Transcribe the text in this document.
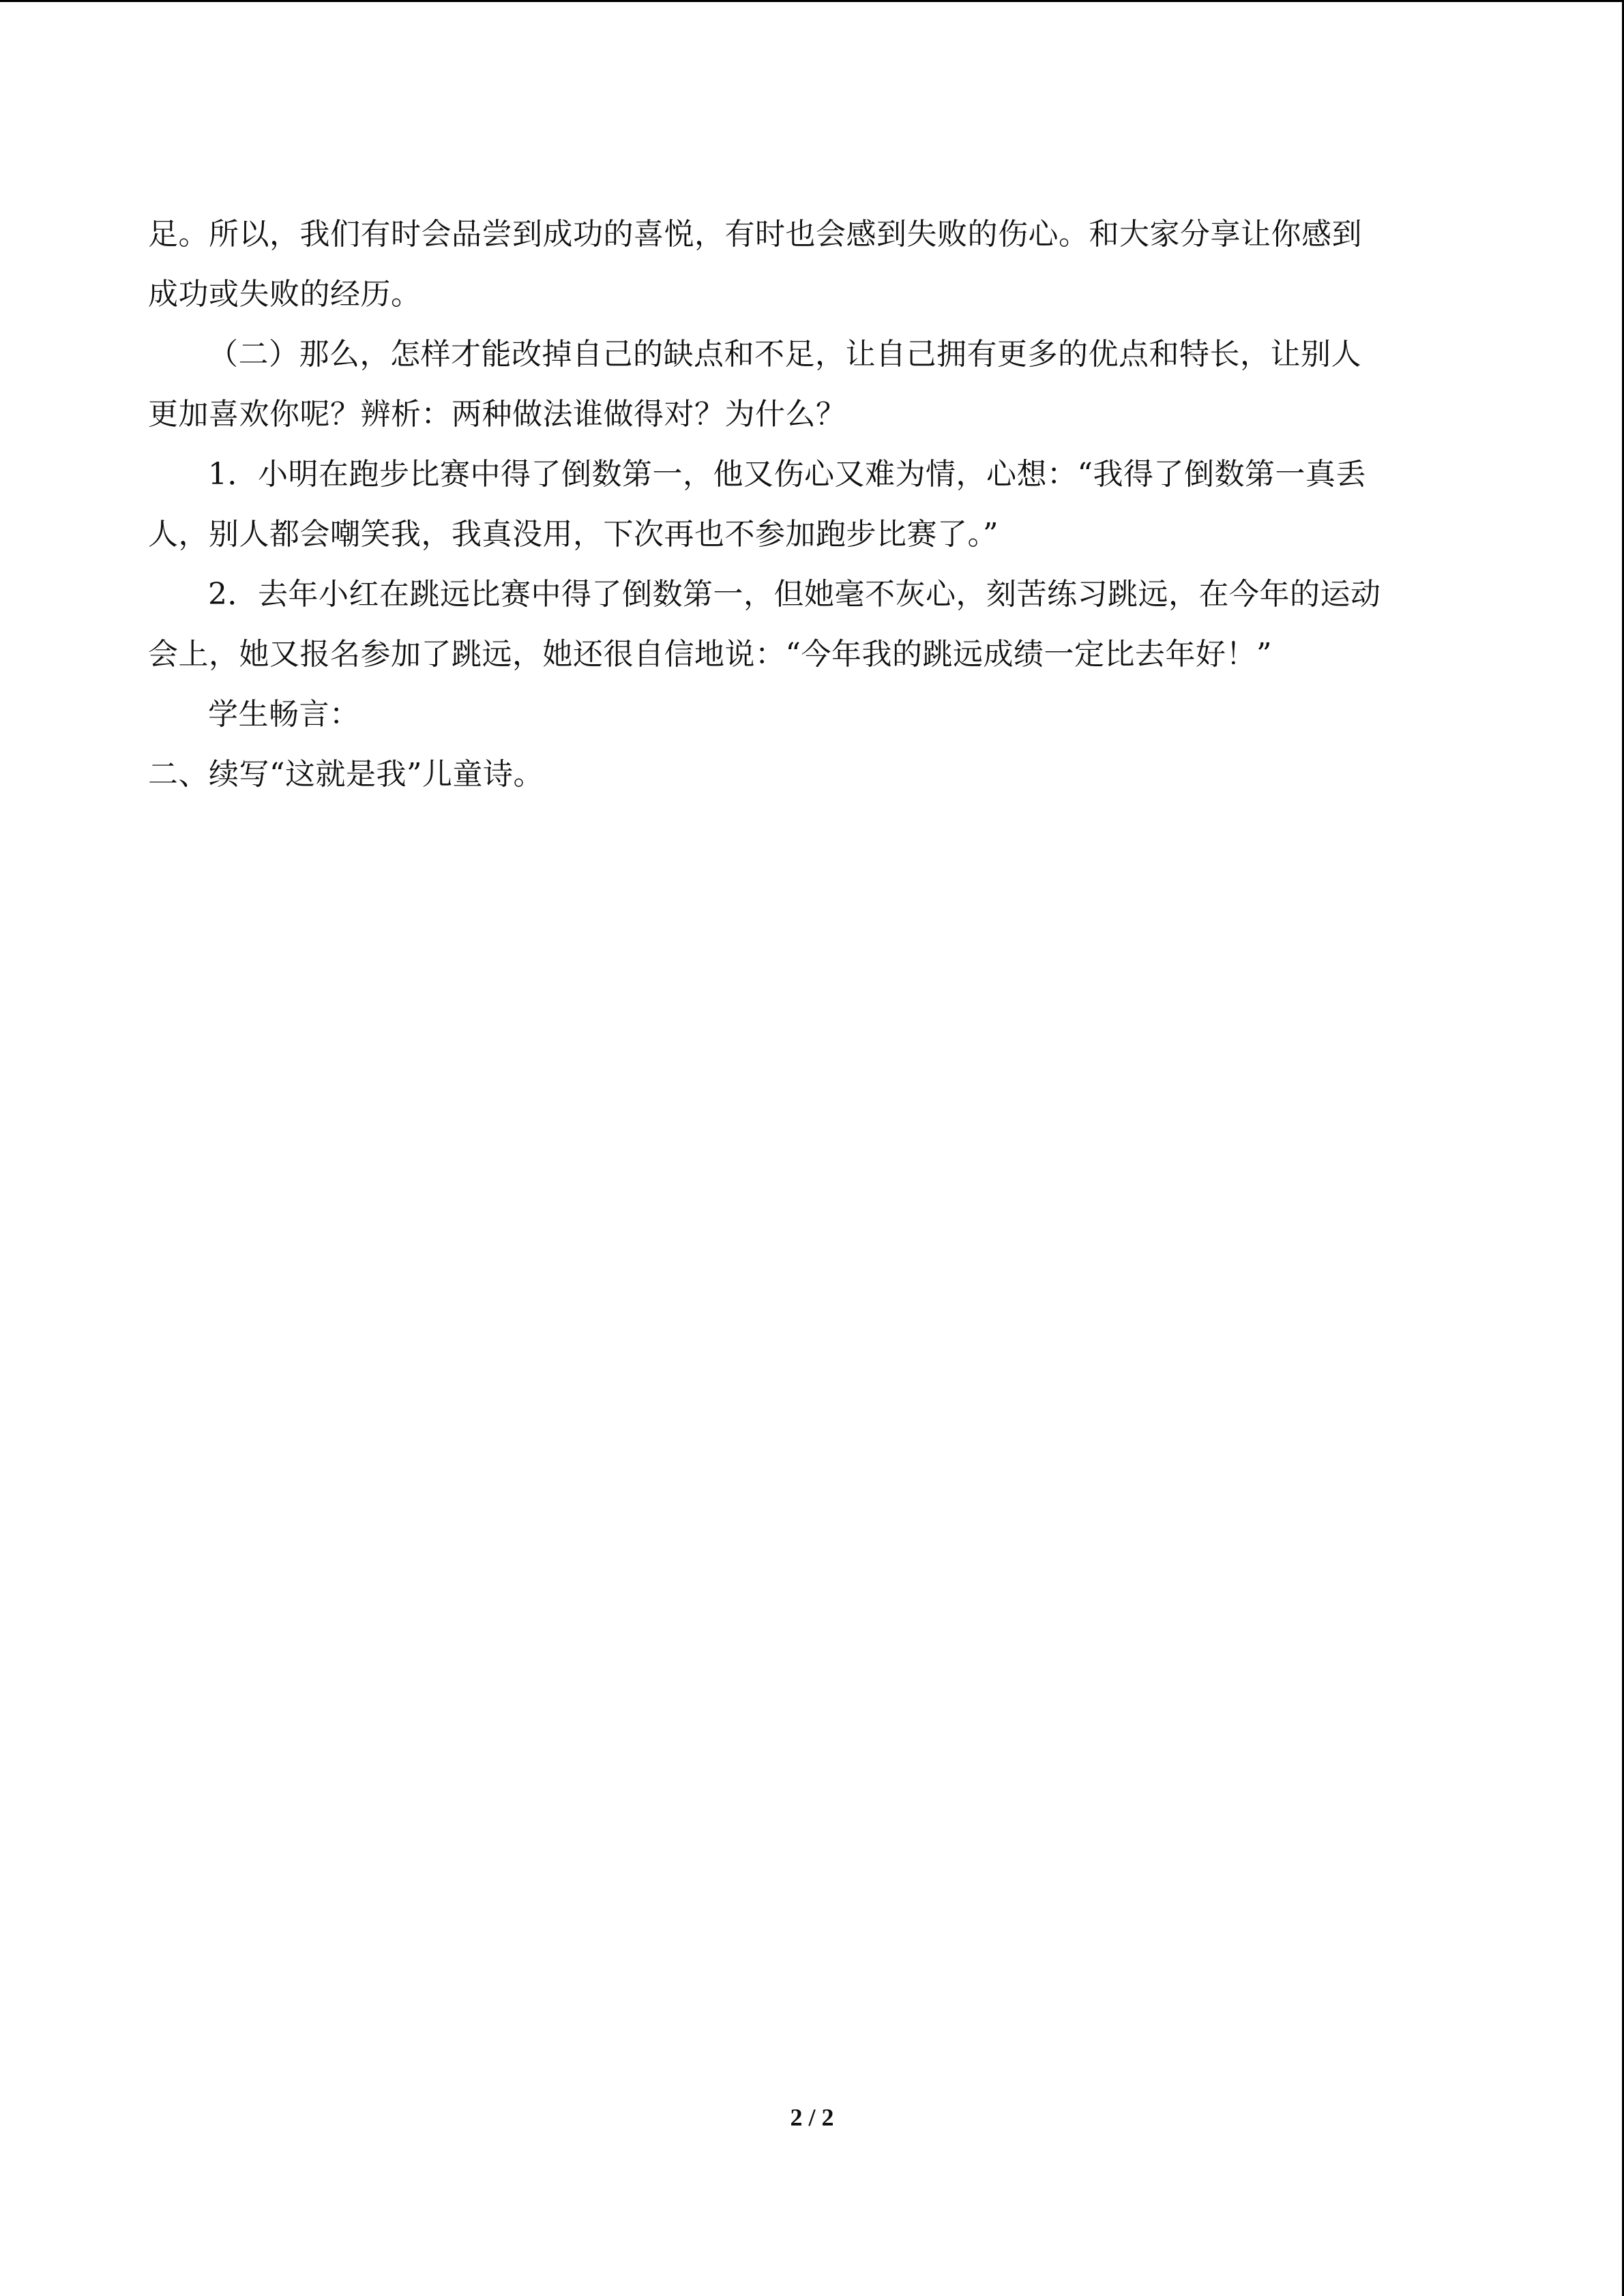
足。所以，我们有时会品尝到成功的喜悦，有时也会感到失败的伤心。和大家分享让你感到
成功或失败的经历。
（二）那么，怎样才能改掉自己的缺点和不足，让自己拥有更多的优点和特长，让别人
更加喜欢你呢？辨析：两种做法谁做得对？为什么？
1．小明在跑步比赛中得了倒数第一，他又伤心又难为情，心想：“我得了倒数第一真丢
人，别人都会嘲笑我，我真没用，下次再也不参加跑步比赛了。”
2．去年小红在跳远比赛中得了倒数第一，但她毫不灰心，刻苦练习跳远，在今年的运动
会上，她又报名参加了跳远，她还很自信地说：“今年我的跳远成绩一定比去年好！”
学生畅言：
二、续写“这就是我”儿童诗。
2 / 2
